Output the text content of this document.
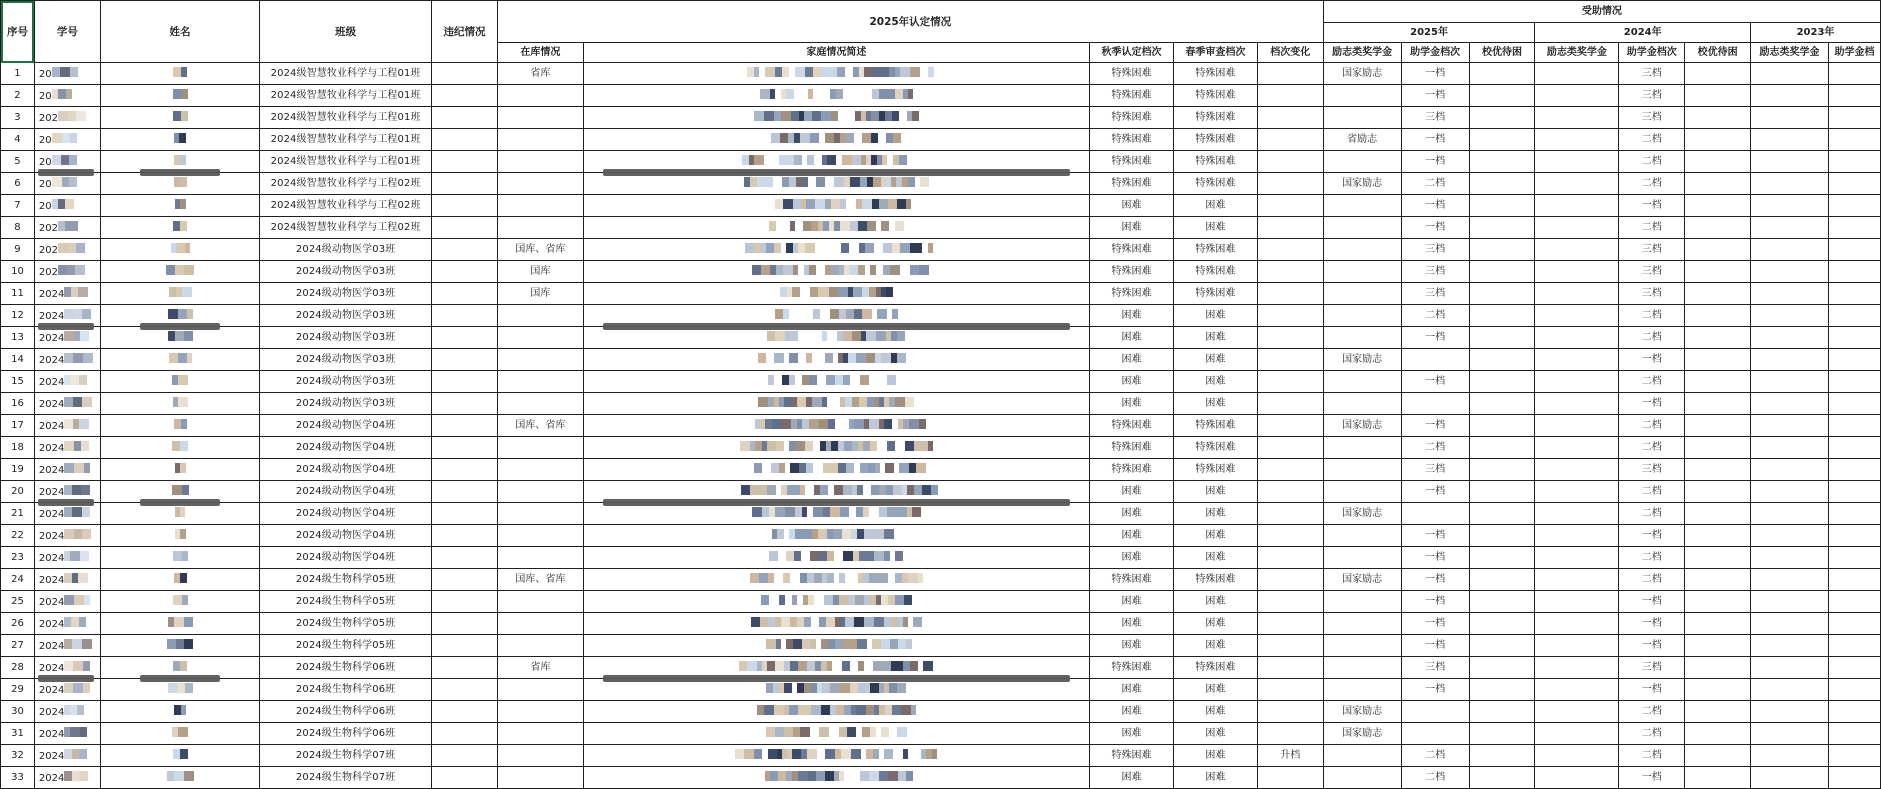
序号	学号	姓名	班级	违纪情况	2025年认定情况					受助情况							
										2025年			2024年			2023年	
					在库情况	家庭情况简述	秋季认定档次	春季审查档次	档次变化	励志类奖学金	助学金档次	校优待困	励志类奖学金	助学金档次	校优待困	励志类奖学金	助学金档
1	20		2024级智慧牧业科学与工程01班		省库		特殊困难	特殊困难		国家励志	一档			三档			
2	20		2024级智慧牧业科学与工程01班				特殊困难	特殊困难			一档			三档			
3	202		2024级智慧牧业科学与工程01班				特殊困难	特殊困难			三档			三档			
4	20		2024级智慧牧业科学与工程01班				特殊困难	特殊困难		省励志	一档			二档			
5	20		2024级智慧牧业科学与工程01班				特殊困难	特殊困难			一档			二档			
6	20		2024级智慧牧业科学与工程02班				特殊困难	特殊困难		国家励志	二档			二档			
7	20		2024级智慧牧业科学与工程02班				困难	困难			一档			一档			
8	202		2024级智慧牧业科学与工程02班				困难	困难			一档			二档			
9	202		2024级动物医学03班		国库、省库		特殊困难	特殊困难			三档			三档			
10	202		2024级动物医学03班		国库		特殊困难	特殊困难			三档			三档			
11	2024		2024级动物医学03班		国库		特殊困难	特殊困难			三档			三档			
12	2024		2024级动物医学03班				困难	困难			二档			二档			
13	2024		2024级动物医学03班				困难	困难			一档			二档			
14	2024		2024级动物医学03班				困难	困难		国家励志				一档			
15	2024		2024级动物医学03班				困难	困难			一档			二档			
16	2024		2024级动物医学03班				困难	困难						一档			
17	2024		2024级动物医学04班		国库、省库		特殊困难	特殊困难		国家励志	一档			二档			
18	2024		2024级动物医学04班				特殊困难	特殊困难			二档			二档			
19	2024		2024级动物医学04班				特殊困难	特殊困难			三档			三档			
20	2024		2024级动物医学04班				困难	困难			一档			二档			
21	2024		2024级动物医学04班				困难	困难		国家励志				二档			
22	2024		2024级动物医学04班				困难	困难			一档			一档			
23	2024		2024级动物医学04班				困难	困难			一档			二档			
24	2024		2024级生物科学05班		国库、省库		特殊困难	特殊困难		国家励志	一档			二档			
25	2024		2024级生物科学05班				困难	困难			一档			一档			
26	2024		2024级生物科学05班				困难	困难			一档			一档			
27	2024		2024级生物科学05班				困难	困难			一档			一档			
28	2024		2024级生物科学06班		省库		特殊困难	特殊困难			三档			三档			
29	2024		2024级生物科学06班				困难	困难			一档			一档			
30	2024		2024级生物科学06班				困难	困难		国家励志				二档			
31	2024		2024级生物科学06班				困难	困难		国家励志				二档			
32	2024		2024级生物科学07班				特殊困难	困难	升档		二档			二档			
33	2024		2024级生物科学07班				困难	困难			二档			一档			
